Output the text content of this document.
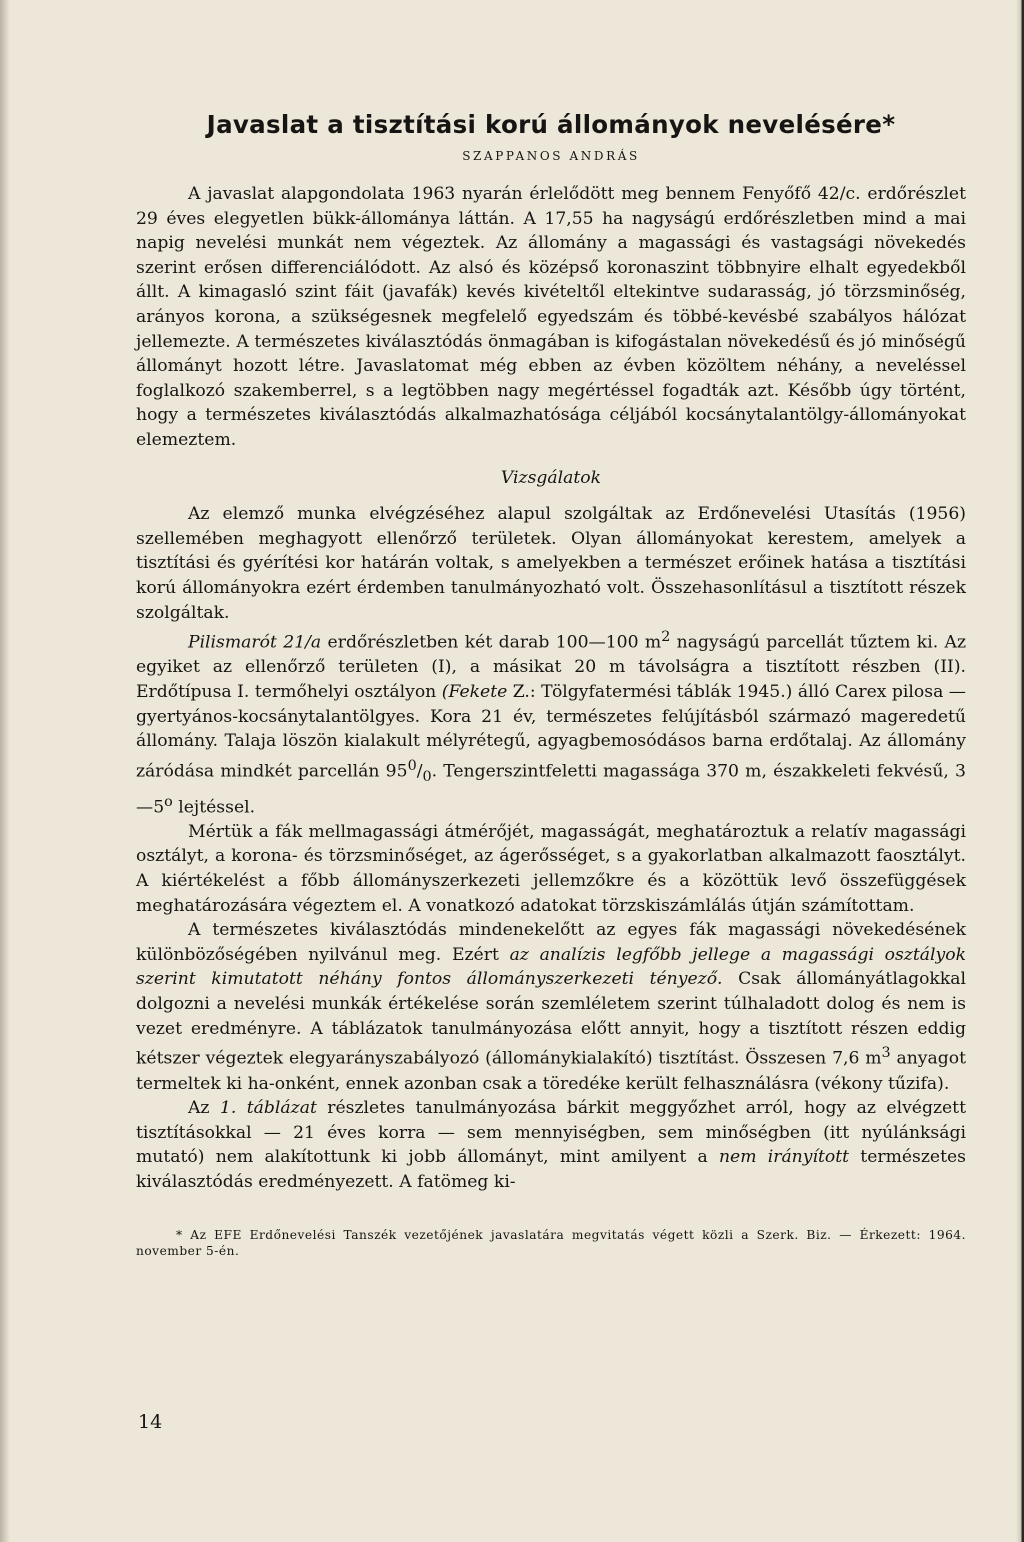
Javaslat a tisztítási korú állományok nevelésére*
SZAPPANOS ANDRÁS

A javaslat alapgondolata 1963 nyarán érlelődött meg bennem Fenyőfő 42/c. erdőrészlet 29 éves elegyetlen bükk-állománya láttán. A 17,55 ha nagyságú erdőrészletben mind a mai napig nevelési munkát nem végeztek. Az állomány a magassági és vastagsági növekedés szerint erősen differenciálódott. Az alsó és középső koronaszint többnyire elhalt egyedekből állt. A kimagasló szint fáit (javafák) kevés kivételtől eltekintve sudarasság, jó törzsminőség, arányos korona, a szükségesnek megfelelő egyedszám és többé-kevésbé szabályos hálózat jellemezte. A természetes kiválasztódás önmagában is kifogástalan növekedésű és jó minőségű állományt hozott létre. Javaslatomat még ebben az évben közöltem néhány, a neveléssel foglalkozó szakemberrel, s a legtöbben nagy megértéssel fogadták azt. Később úgy történt, hogy a természetes kiválasztódás alkalmazhatósága céljából kocsánytalantölgy-állományokat elemeztem.

Vizsgálatok

Az elemző munka elvégzéséhez alapul szolgáltak az Erdőnevelési Utasítás (1956) szellemében meghagyott ellenőrző területek. Olyan állományokat kerestem, amelyek a tisztítási és gyérítési kor határán voltak, s amelyekben a természet erőinek hatása a tisztítási korú állományokra ezért érdemben tanulmányozható volt. Összehasonlításul a tisztított részek szolgáltak.

Pilismarót 21/a erdőrészletben két darab 100—100 $m^2$ nagyságú parcellát tűztem ki. Az egyiket az ellenőrző területen (I), a másikat 20 m távolságra a tisztított részben (II). Erdőtípusa I. termőhelyi osztályon (Fekete Z.: Tölgyfatermési táblák 1945.) álló Carex pilosa — gyertyános-kocsánytalantölgyes. Kora 21 év, természetes felújításból származó mageredetű állomány. Talaja löszön kialakult mélyrétegű, agyagbemosódásos barna erdőtalaj. Az állomány záródása mindkét parcellán $95^0/_0$. Tengerszintfeletti magassága 370 m, északkeleti fekvésű, 3—5$^o$ lejtéssel.

Mértük a fák mellmagassági átmérőjét, magasságát, meghatároztuk a relatív magassági osztályt, a korona- és törzsminőséget, az ágerősséget, s a gyakorlatban alkalmazott faosztályt. A kiértékelést a főbb állományszerkezeti jellemzőkre és a közöttük levő összefüggések meghatározására végeztem el. A vonatkozó adatokat törzskiszámlálás útján számítottam.

A természetes kiválasztódás mindenekelőtt az egyes fák magassági növekedésének különbözőségében nyilvánul meg. Ezért az analízis legfőbb jellege a magassági osztályok szerint kimutatott néhány fontos állományszerkezeti tényező. Csak állományátlagokkal dolgozni a nevelési munkák értékelése során szemléletem szerint túlhaladott dolog és nem is vezet eredményre. A táblázatok tanulmányozása előtt annyit, hogy a tisztított részen eddig kétszer végeztek elegyarányszabályozó (állománykialakító) tisztítást. Összesen 7,6 $m^3$ anyagot termeltek ki ha-onként, ennek azonban csak a töredéke került felhasználásra (vékony tűzifa).

Az 1. táblázat részletes tanulmányozása bárkit meggyőzhet arról, hogy az elvégzett tisztításokkal — 21 éves korra — sem mennyiségben, sem minőségben (itt nyúlánksági mutató) nem alakítottunk ki jobb állományt, mint amilyent a nem irányított természetes kiválasztódás eredményezett. A fatömeg ki-

* Az EFE Erdőnevelési Tanszék vezetőjének javaslatára megvitatás végett közli a Szerk. Biz. — Érkezett: 1964. november 5-én.
14
